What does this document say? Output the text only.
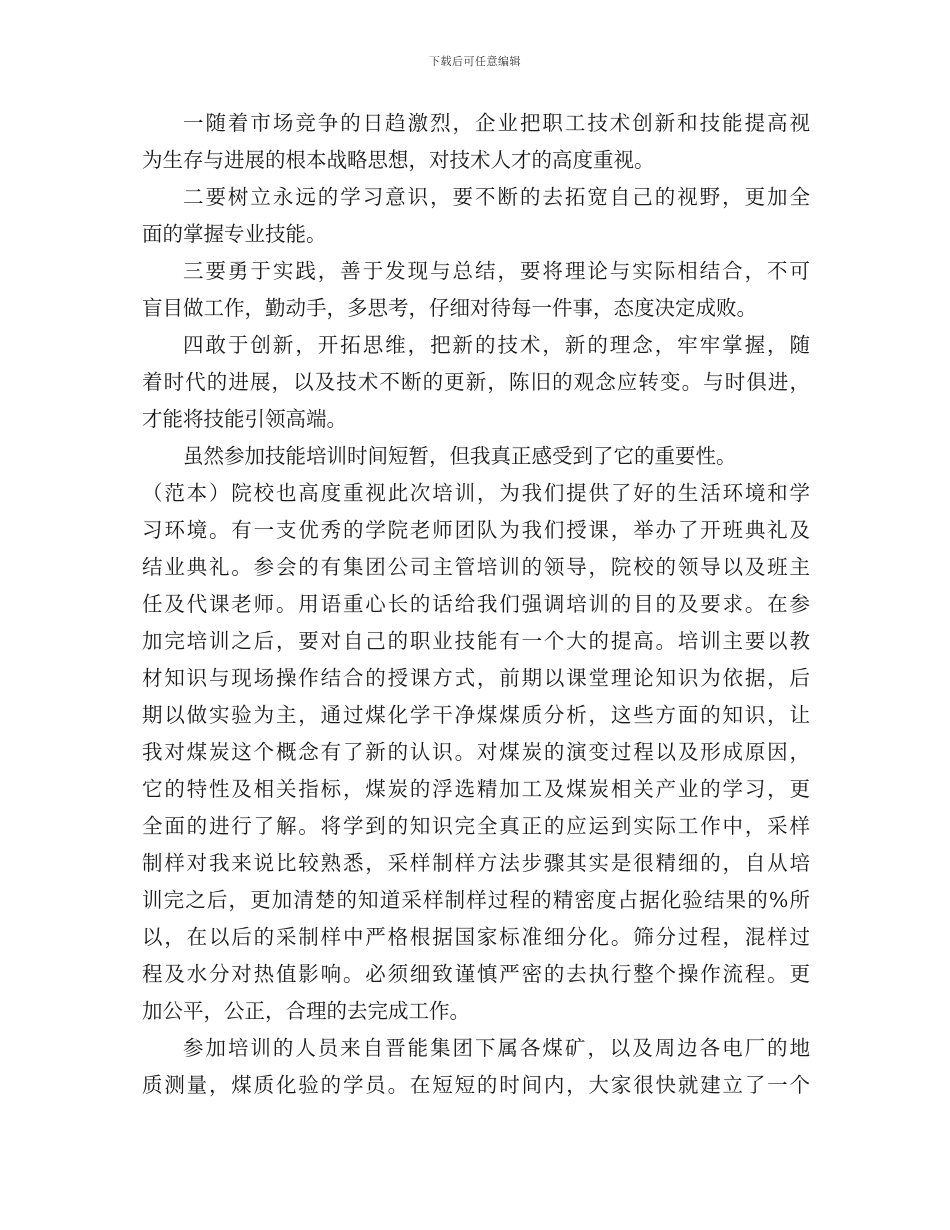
下载后可任意编辑
一随着市场竞争的日趋激烈，企业把职工技术创新和技能提高视
为生存与进展的根本战略思想，对技术人才的高度重视。
二要树立永远的学习意识，要不断的去拓宽自己的视野，更加全
面的掌握专业技能。
三要勇于实践，善于发现与总结，要将理论与实际相结合，不可
盲目做工作，勤动手，多思考，仔细对待每一件事，态度决定成败。
四敢于创新，开拓思维，把新的技术，新的理念，牢牢掌握，随
着时代的进展，以及技术不断的更新，陈旧的观念应转变。与时俱进，
才能将技能引领高端。
虽然参加技能培训时间短暂，但我真正感受到了它的重要性。
（范本）院校也高度重视此次培训，为我们提供了好的生活环境和学
习环境。有一支优秀的学院老师团队为我们授课，举办了开班典礼及
结业典礼。参会的有集团公司主管培训的领导，院校的领导以及班主
任及代课老师。用语重心长的话给我们强调培训的目的及要求。在参
加完培训之后，要对自己的职业技能有一个大的提高。培训主要以教
材知识与现场操作结合的授课方式，前期以课堂理论知识为依据，后
期以做实验为主，通过煤化学干净煤煤质分析，这些方面的知识，让
我对煤炭这个概念有了新的认识。对煤炭的演变过程以及形成原因，
它的特性及相关指标，煤炭的浮选精加工及煤炭相关产业的学习，更
全面的进行了解。将学到的知识完全真正的应运到实际工作中，采样
制样对我来说比较熟悉，采样制样方法步骤其实是很精细的，自从培
训完之后，更加清楚的知道采样制样过程的精密度占据化验结果的%所
以，在以后的采制样中严格根据国家标准细分化。筛分过程，混样过
程及水分对热值影响。必须细致谨慎严密的去执行整个操作流程。更
加公平，公正，合理的去完成工作。
参加培训的人员来自晋能集团下属各煤矿，以及周边各电厂的地
质测量，煤质化验的学员。在短短的时间内，大家很快就建立了一个
